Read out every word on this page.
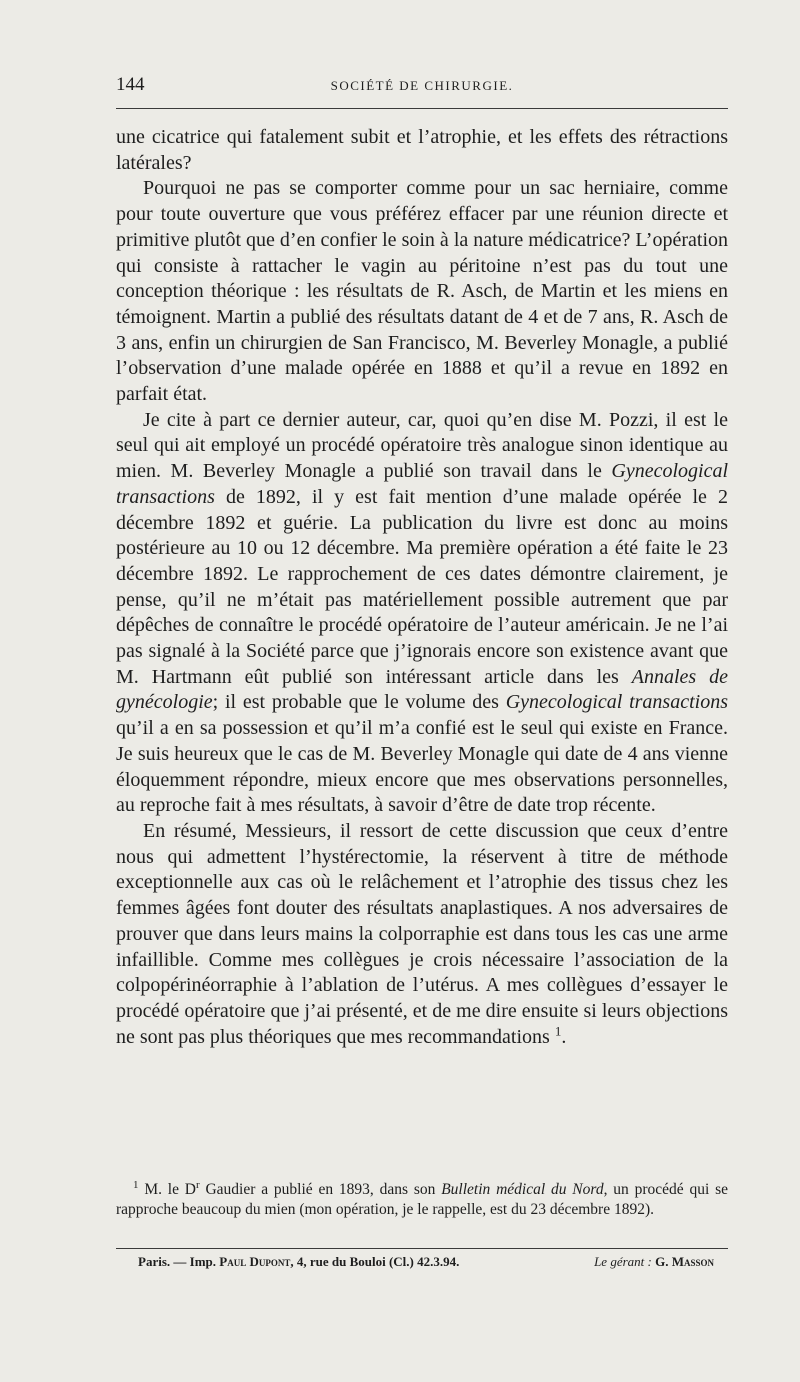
144	SOCIÉTÉ DE CHIRURGIE.

une cicatrice qui fatalement subit et l’atrophie, et les effets des rétractions latérales?

Pourquoi ne pas se comporter comme pour un sac herniaire, comme pour toute ouverture que vous préférez effacer par une réunion directe et primitive plutôt que d’en confier le soin à la nature médicatrice? L’opération qui consiste à rattacher le vagin au péritoine n’est pas du tout une conception théorique : les résultats de R. Asch, de Martin et les miens en témoignent. Martin a publié des résultats datant de 4 et de 7 ans, R. Asch de 3 ans, enfin un chirurgien de San Francisco, M. Beverley Monagle, a publié l’observation d’une malade opérée en 1888 et qu’il a revue en 1892 en parfait état.

Je cite à part ce dernier auteur, car, quoi qu’en dise M. Pozzi, il est le seul qui ait employé un procédé opératoire très analogue sinon identique au mien. M. Beverley Monagle a publié son travail dans le Gynecological transactions de 1892, il y est fait mention d’une malade opérée le 2 décembre 1892 et guérie. La publication du livre est donc au moins postérieure au 10 ou 12 décembre. Ma première opération a été faite le 23 décembre 1892. Le rapprochement de ces dates démontre clairement, je pense, qu’il ne m’était pas matériellement possible autrement que par dépêches de connaître le procédé opératoire de l’auteur américain. Je ne l’ai pas signalé à la Société parce que j’ignorais encore son existence avant que M. Hartmann eût publié son intéressant article dans les Annales de gynécologie; il est probable que le volume des Gynecological transactions qu’il a en sa possession et qu’il m’a confié est le seul qui existe en France. Je suis heureux que le cas de M. Beverley Monagle qui date de 4 ans vienne éloquemment répondre, mieux encore que mes observations personnelles, au reproche fait à mes résultats, à savoir d’être de date trop récente.

En résumé, Messieurs, il ressort de cette discussion que ceux d’entre nous qui admettent l’hystérectomie, la réservent à titre de méthode exceptionnelle aux cas où le relâchement et l’atrophie des tissus chez les femmes âgées font douter des résultats anaplastiques. A nos adversaires de prouver que dans leurs mains la colporraphie est dans tous les cas une arme infaillible. Comme mes collègues je crois nécessaire l’association de la colpopérinéorraphie à l’ablation de l’utérus. A mes collègues d’essayer le procédé opératoire que j’ai présenté, et de me dire ensuite si leurs objections ne sont pas plus théoriques que mes recommandations $^1$.

$^1$ M. le $D^r$ Gaudier a publié en 1893, dans son Bulletin médical du Nord, un procédé qui se rapproche beaucoup du mien (mon opération, je le rappelle, est du 23 décembre 1892).

Paris. — Imp. Paul Dupont, 4, rue du Bouloi (Cl.) 42.3.94.	Le gérant : G. Masson
